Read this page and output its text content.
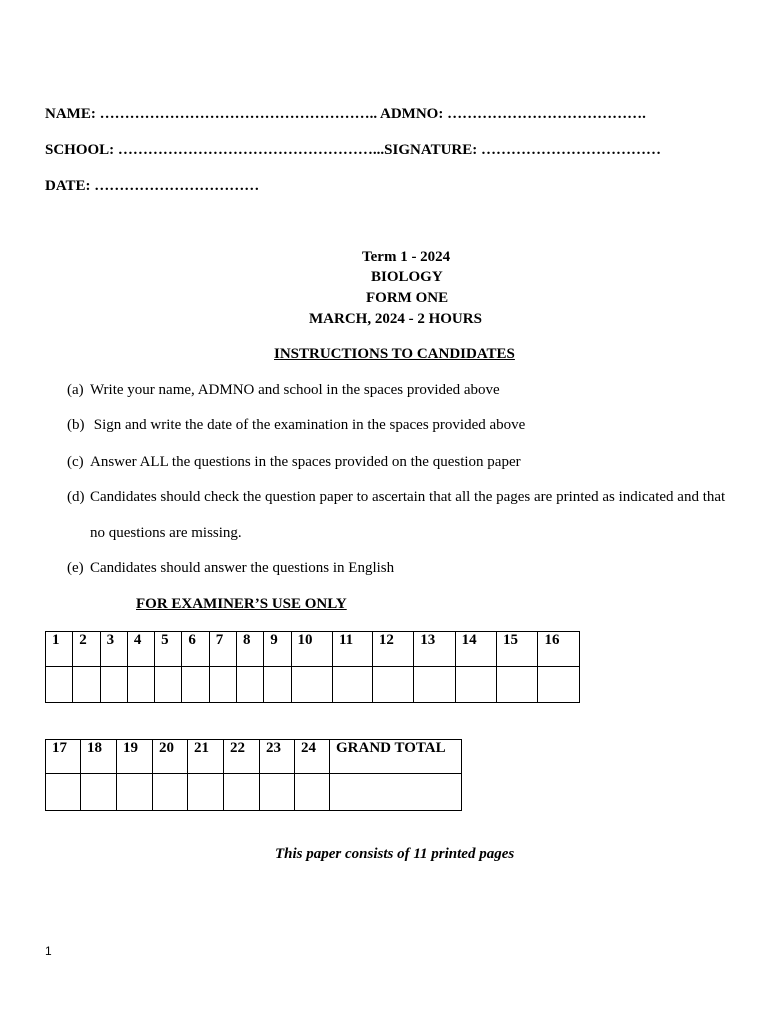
NAME: ……………………………………………….. ADMNO: ………………………………….
SCHOOL: ……………………………………………...SIGNATURE: ………………………………
DATE: ……………………………
Term 1 - 2024
BIOLOGY
FORM ONE
MARCH, 2024 - 2 HOURS
INSTRUCTIONS TO CANDIDATES
(a) Write your name, ADMNO and school in the spaces provided above
(b) Sign and write the date of the examination in the spaces provided above
(c) Answer ALL the questions in the spaces provided on the question paper
(d) Candidates should check the question paper to ascertain that all the pages are printed as indicated and that
no questions are missing.
(e) Candidates should answer the questions in English
FOR EXAMINER’S USE ONLY
1	2	3	4	5	6	7	8	9	10	11	12	13	14	15	16

17	18	19	20	21	22	23	24	GRAND TOTAL

This paper consists of 11 printed pages
1
